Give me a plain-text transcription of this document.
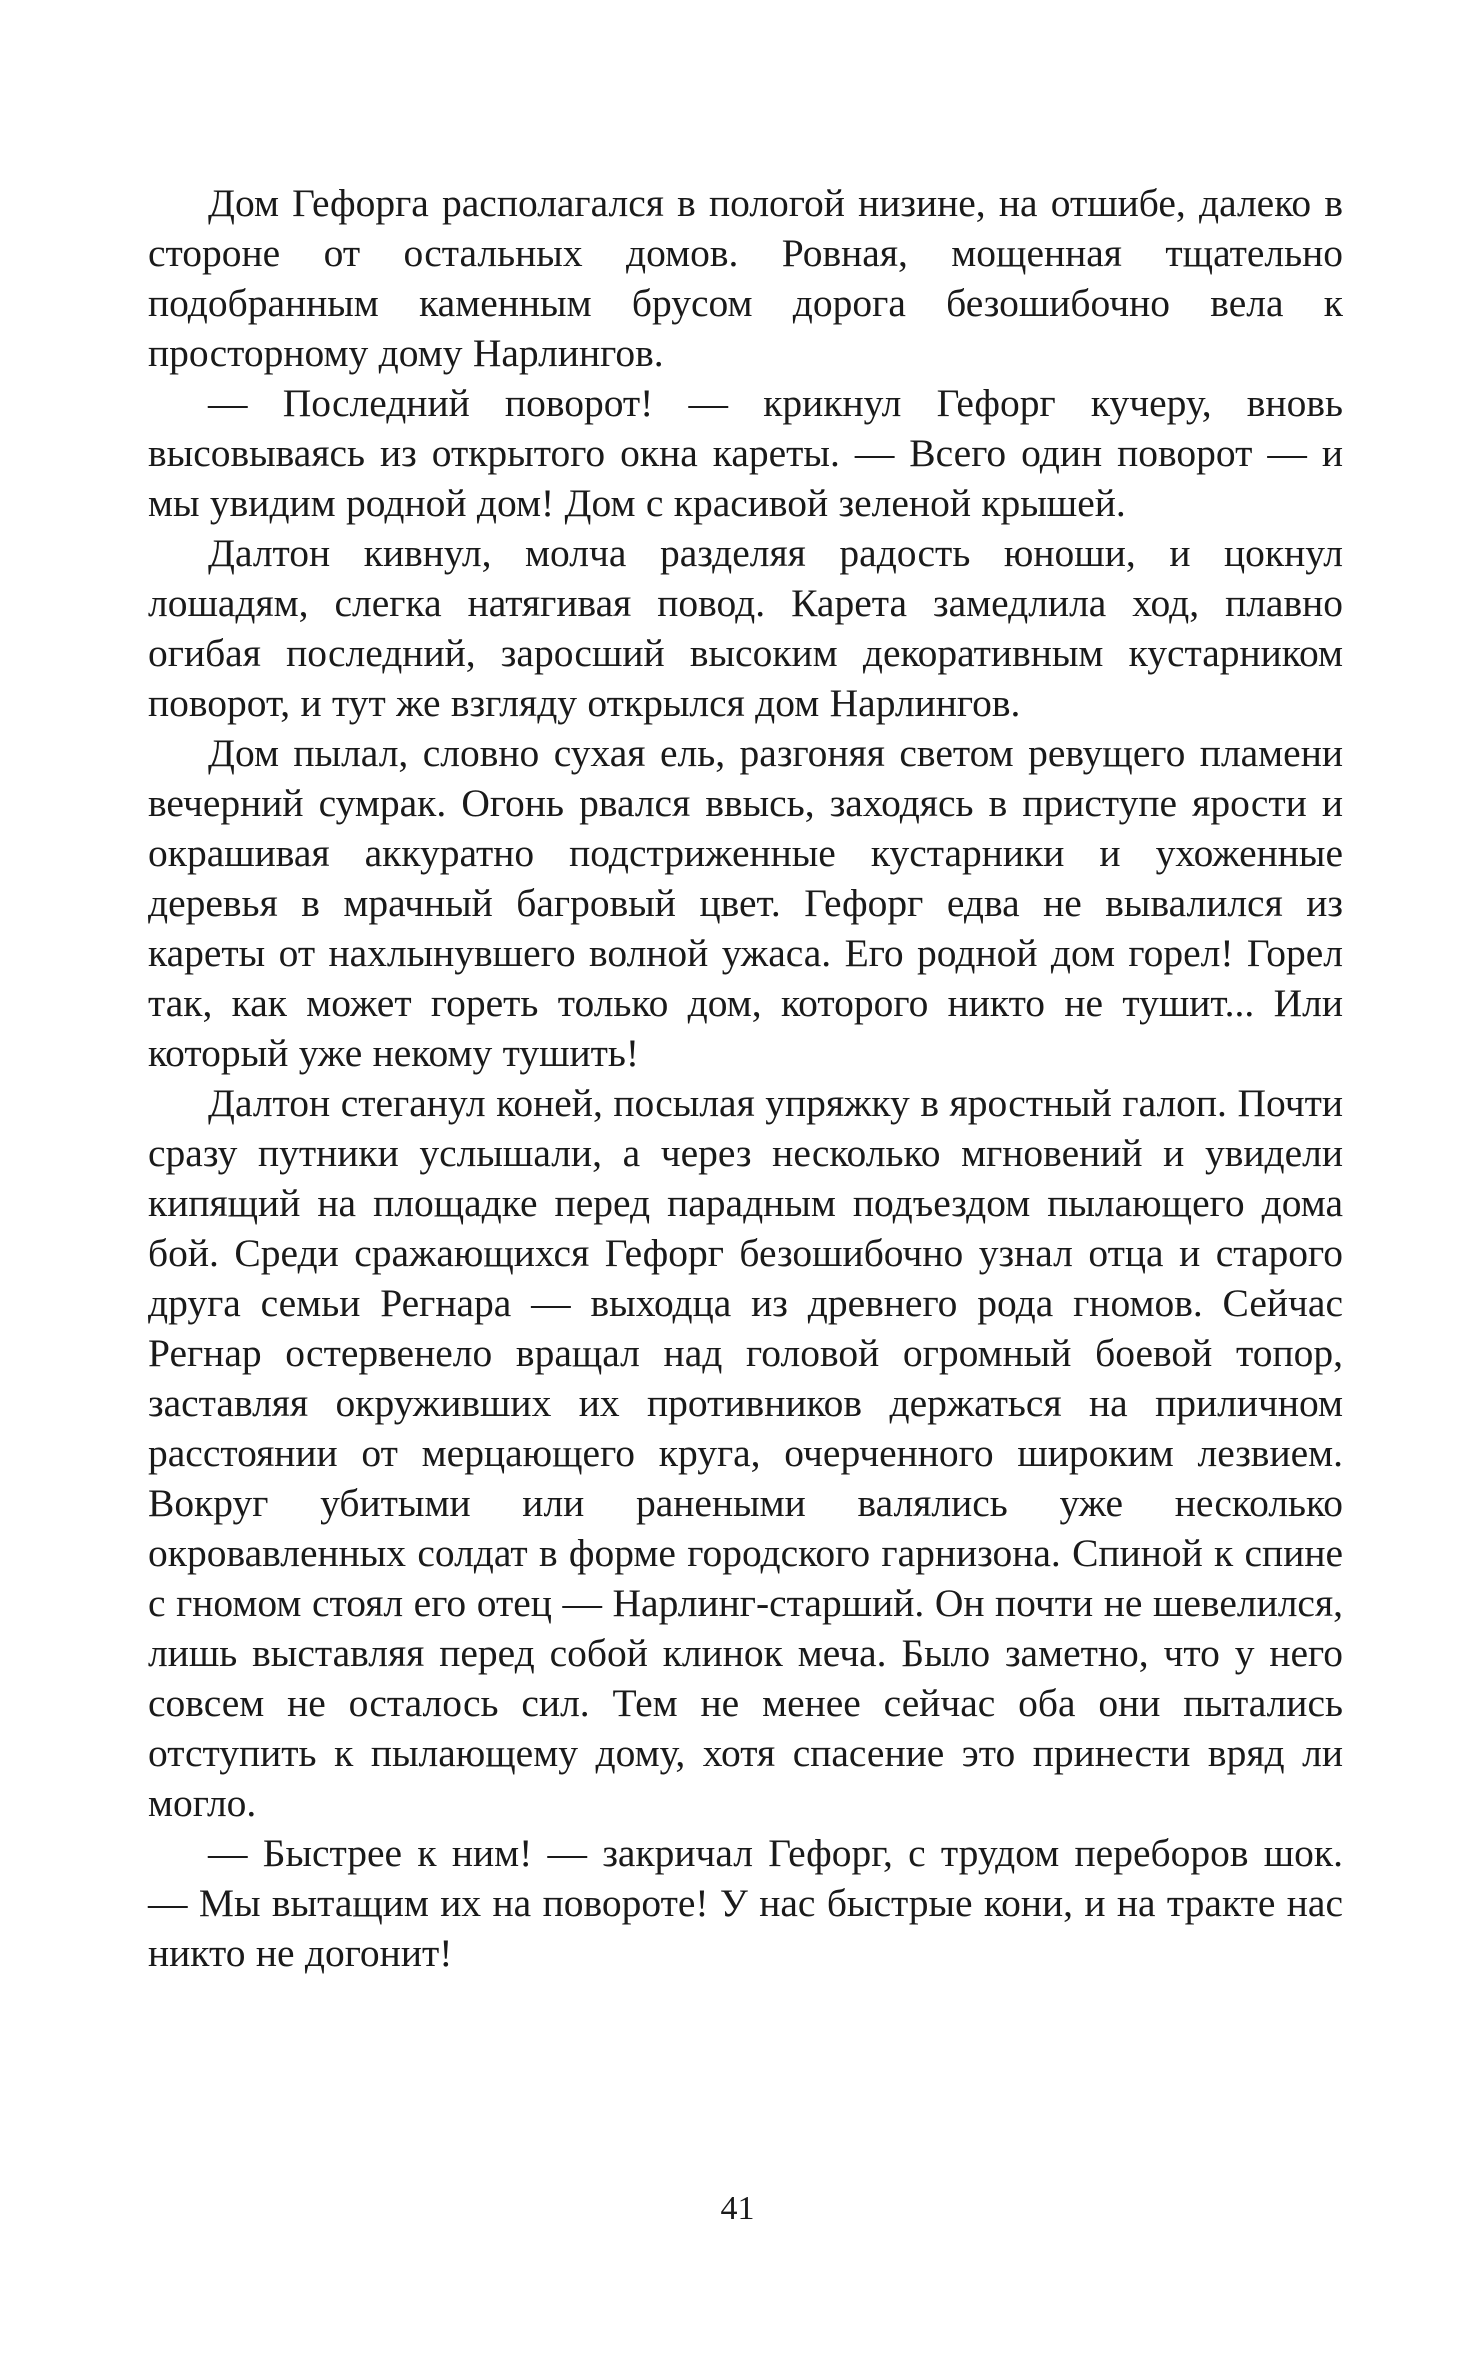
Дом Гефорга располагался в пологой низине, на отшибе, далеко в стороне от остальных домов. Ровная, мощенная тщательно подобранным каменным брусом дорога безошибочно вела к просторному дому Нарлингов.

— Последний поворот! — крикнул Гефорг кучеру, вновь высовываясь из открытого окна кареты. — Всего один поворот — и мы увидим родной дом! Дом с красивой зеленой крышей.

Далтон кивнул, молча разделяя радость юноши, и цокнул лошадям, слегка натягивая повод. Карета замедлила ход, плавно огибая последний, заросший высоким декоративным кустарником поворот, и тут же взгляду открылся дом Нарлингов.

Дом пылал, словно сухая ель, разгоняя светом ревущего пламени вечерний сумрак. Огонь рвался ввысь, заходясь в приступе ярости и окрашивая аккуратно подстриженные кустарники и ухоженные деревья в мрачный багровый цвет. Гефорг едва не вывалился из кареты от нахлынувшего волной ужаса. Его родной дом горел! Горел так, как может гореть только дом, которого никто не тушит... Или который уже некому тушить!

Далтон стеганул коней, посылая упряжку в яростный галоп. Почти сразу путники услышали, а через несколько мгновений и увидели кипящий на площадке перед парадным подъездом пылающего дома бой. Среди сражающихся Гефорг безошибочно узнал отца и старого друга семьи Регнара — выходца из древнего рода гномов. Сейчас Регнар остервенело вращал над головой огромный боевой топор, заставляя окруживших их противников держаться на приличном расстоянии от мерцающего круга, очерченного широким лезвием. Вокруг убитыми или ранеными валялись уже несколько окровавленных солдат в форме городского гарнизона. Спиной к спине с гномом стоял его отец — Нарлинг-старший. Он почти не шевелился, лишь выставляя перед собой клинок меча. Было заметно, что у него совсем не осталось сил. Тем не менее сейчас оба они пытались отступить к пылающему дому, хотя спасение это принести вряд ли могло.

— Быстрее к ним! — закричал Гефорг, с трудом переборов шок. — Мы вытащим их на повороте! У нас быстрые кони, и на тракте нас никто не догонит!

41
